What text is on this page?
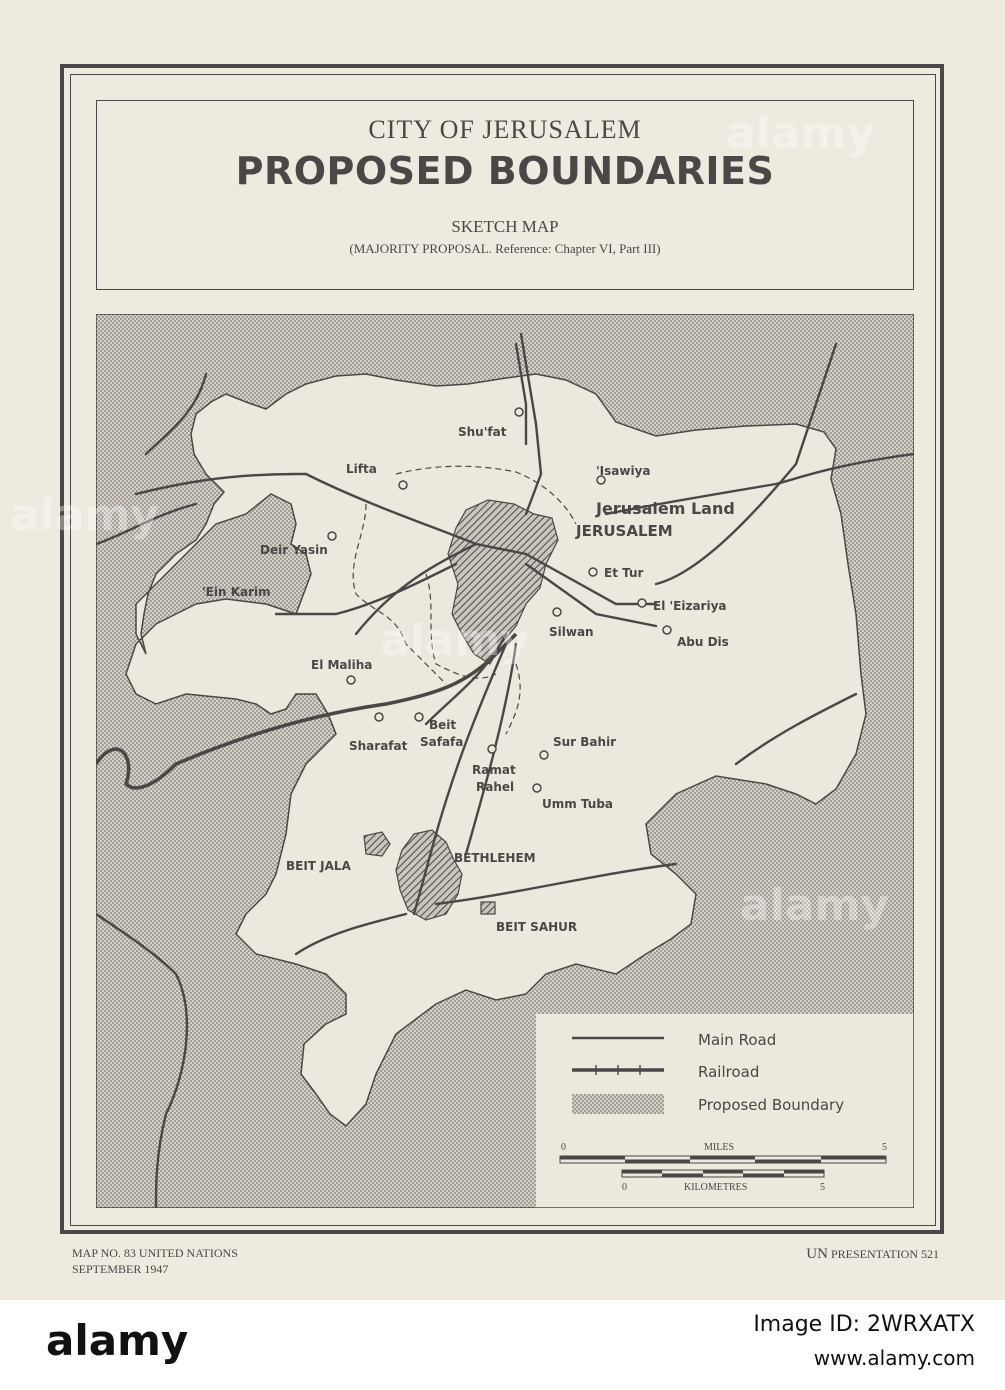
CITY OF JERUSALEM
PROPOSED BOUNDARIES
SKETCH MAP
(MAJORITY PROPOSAL. Reference: Chapter VI, Part III)
Shu'fat
Lifta	'Isawiya
Jerusalem Land
JERUSALEM
Deir Yasin
Et Tur
'Ein Karim
El 'Eizariya
Silwan
Abu Dis
El Maliha
Beit
Safafa
Sharafat	Sur Bahir
Ramat
Rahel
Umm Tuba
BEIT JALA
BETHLEHEM
BEIT SAHUR
Main Road
Railroad
Proposed Boundary
0	MILES	5
0	KILOMETRES	5
MAP NO. 83 UNITED NATIONS
SEPTEMBER 1947
UN PRESENTATION 521
alamy
alamy
alamy
alamy
alamy	Image ID: 2WRXATX
www.alamy.com
